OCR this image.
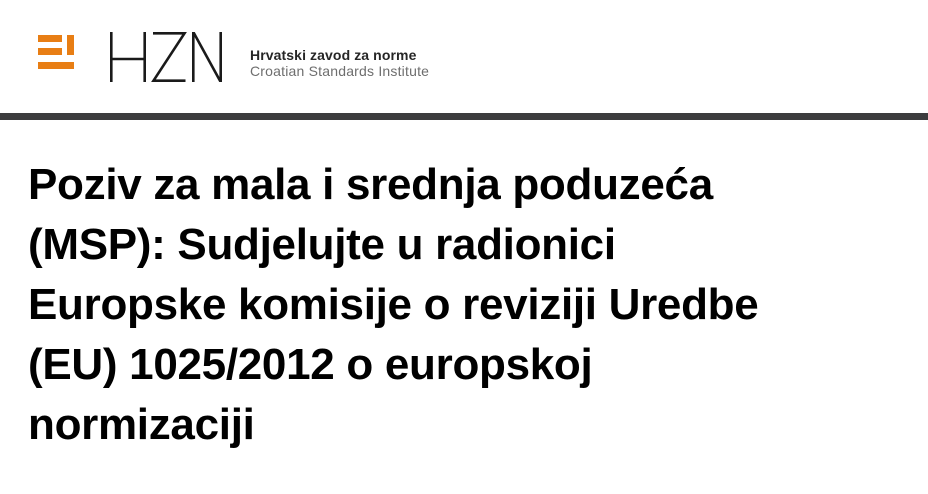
Hrvatski zavod za norme
Croatian Standards Institute
Poziv za mala i srednja poduzeća
(MSP): Sudjelujte u radionici
Europske komisije o reviziji Uredbe
(EU) 1025/2012 o europskoj
normizaciji
